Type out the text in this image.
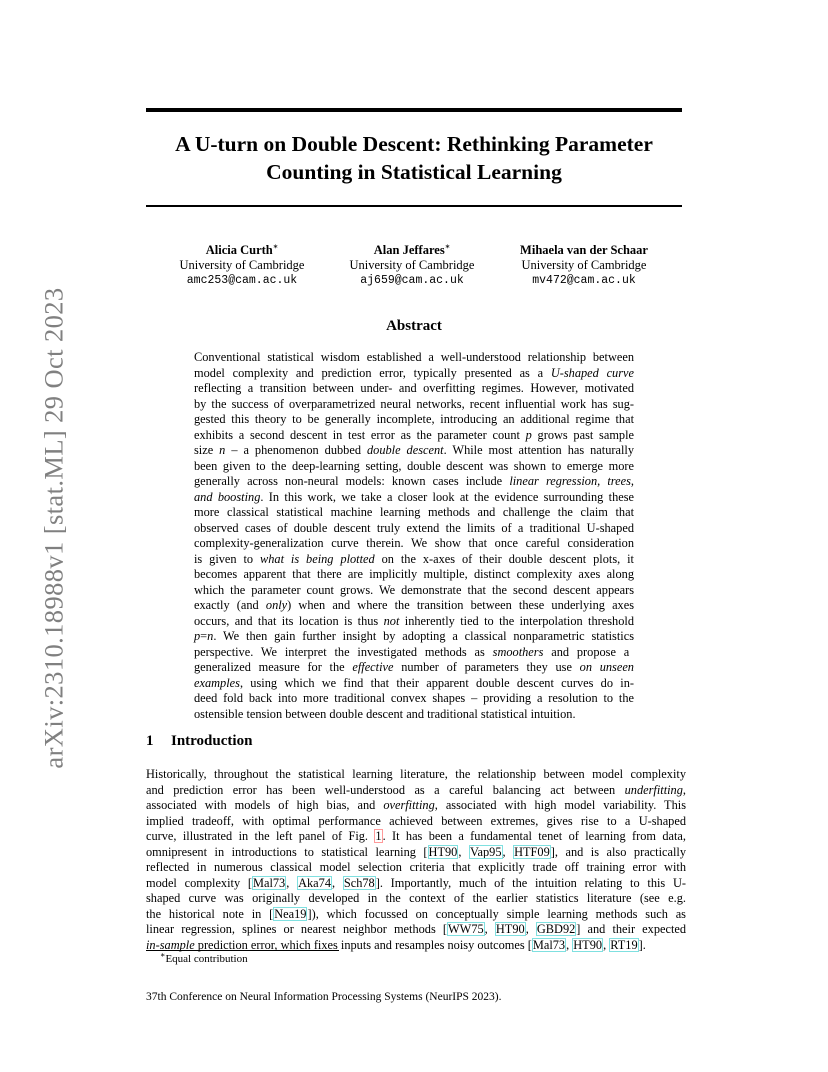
arXiv:2310.18988v1 [stat.ML] 29 Oct 2023
A U-turn on Double Descent: Rethinking Parameter
Counting in Statistical Learning
Alicia Curth∗
University of Cambridge
amc253@cam.ac.uk
Alan Jeffares∗
University of Cambridge
aj659@cam.ac.uk
Mihaela van der Schaar
University of Cambridge
mv472@cam.ac.uk
Abstract
Conventional statistical wisdom established a well-understood relationship between
model complexity and prediction error, typically presented as a U-shaped curve
reflecting a transition between under- and overfitting regimes. However, motivated
by the success of overparametrized neural networks, recent influential work has sug-
gested this theory to be generally incomplete, introducing an additional regime that
exhibits a second descent in test error as the parameter count p grows past sample
size n – a phenomenon dubbed double descent. While most attention has naturally
been given to the deep-learning setting, double descent was shown to emerge more
generally across non-neural models: known cases include linear regression, trees,
and boosting. In this work, we take a closer look at the evidence surrounding these
more classical statistical machine learning methods and challenge the claim that
observed cases of double descent truly extend the limits of a traditional U-shaped
complexity-generalization curve therein. We show that once careful consideration
is given to what is being plotted on the x-axes of their double descent plots, it
becomes apparent that there are implicitly multiple, distinct complexity axes along
which the parameter count grows. We demonstrate that the second descent appears
exactly (and only) when and where the transition between these underlying axes
occurs, and that its location is thus not inherently tied to the interpolation threshold
p=n. We then gain further insight by adopting a classical nonparametric statistics
perspective. We interpret the investigated methods as smoothers and propose a
generalized measure for the effective number of parameters they use on unseen
examples, using which we find that their apparent double descent curves do in-
deed fold back into more traditional convex shapes – providing a resolution to the
ostensible tension between double descent and traditional statistical intuition.
1 Introduction
Historically, throughout the statistical learning literature, the relationship between model complexity
and prediction error has been well-understood as a careful balancing act between underfitting,
associated with models of high bias, and overfitting, associated with high model variability. This
implied tradeoff, with optimal performance achieved between extremes, gives rise to a U-shaped
curve, illustrated in the left panel of Fig. 1. It has been a fundamental tenet of learning from data,
omnipresent in introductions to statistical learning [HT90, Vap95, HTF09], and is also practically
reflected in numerous classical model selection criteria that explicitly trade off training error with
model complexity [Mal73, Aka74, Sch78]. Importantly, much of the intuition relating to this U-
shaped curve was originally developed in the context of the earlier statistics literature (see e.g.
the historical note in [Nea19]), which focussed on conceptually simple learning methods such as
linear regression, splines or nearest neighbor methods [WW75, HT90, GBD92] and their expected
in-sample prediction error, which fixes inputs and resamples noisy outcomes [Mal73, HT90, RT19].
∗Equal contribution
37th Conference on Neural Information Processing Systems (NeurIPS 2023).
